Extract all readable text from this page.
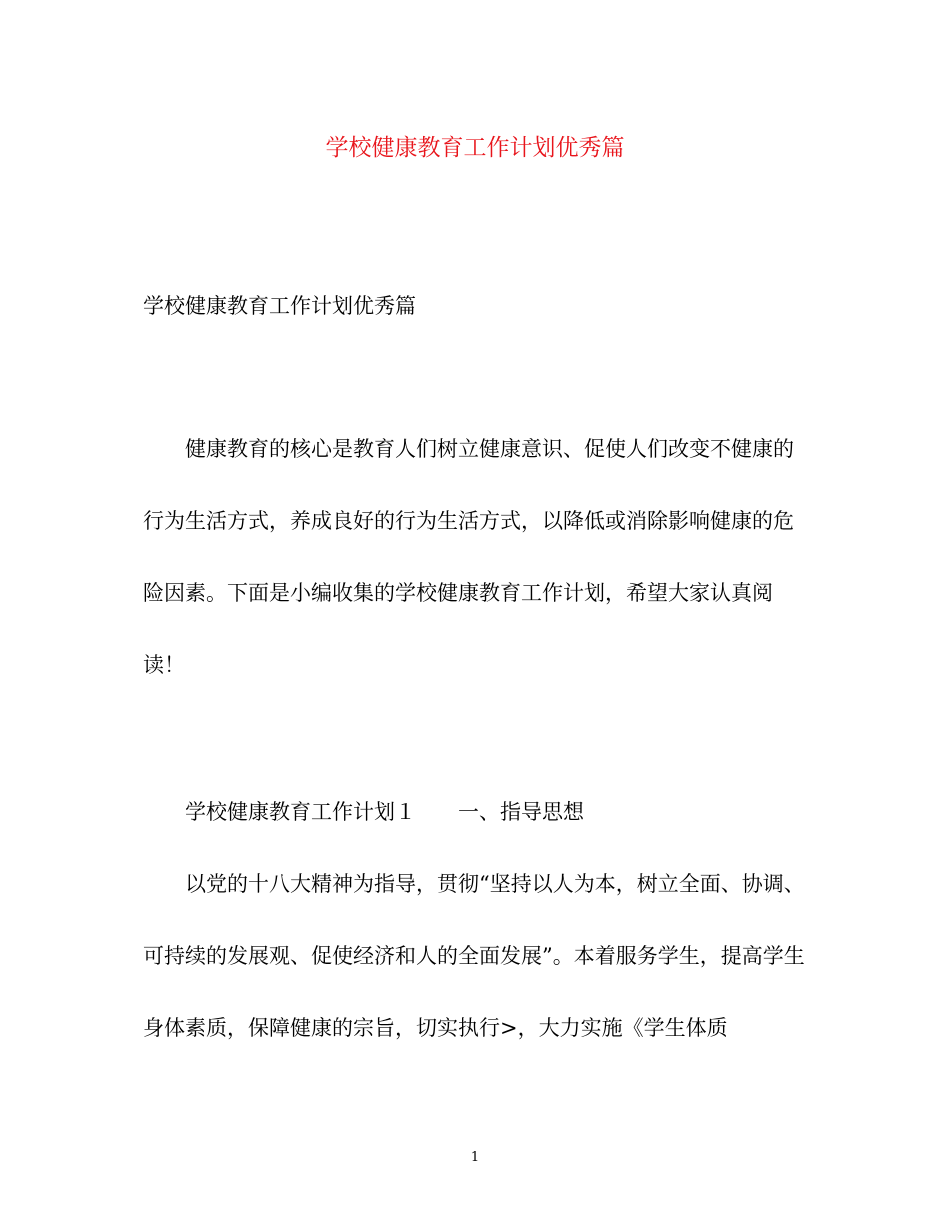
学校健康教育工作计划优秀篇

学校健康教育工作计划优秀篇

健康教育的核心是教育人们树立健康意识、促使人们改变不健康的行为生活方式，养成良好的行为生活方式，以降低或消除影响健康的危险因素。下面是小编收集的学校健康教育工作计划，希望大家认真阅读！

学校健康教育工作计划１　　一、指导思想

以党的十八大精神为指导，贯彻“坚持以人为本，树立全面、协调、可持续的发展观、促使经济和人的全面发展”。本着服务学生，提高学生身体素质，保障健康的宗旨，切实执行>，大力实施《学生体质

1
